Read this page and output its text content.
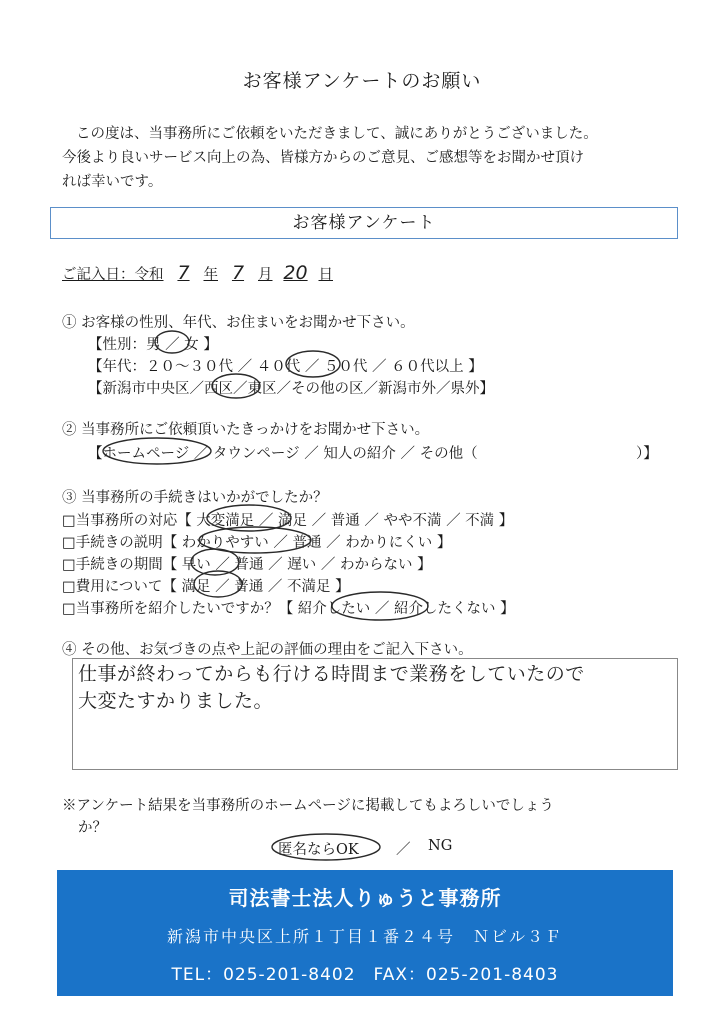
お客様アンケートのお願い

この度は、当事務所にご依頼をいただきまして、誠にありがとうございました。

今後より良いサービス向上の為、皆様方からのご意見、ご感想等をお聞かせ頂け
れば幸いです。
お客様アンケート
ご記入日：令和 7 年 7 月 20 日
① お客様の性別、年代、お住まいをお聞かせ下さい。
【性別：男 ／ 女 】
【年代：２０～３０代 ／ ４０代 ／ ５０代 ／ ６０代以上 】
【新潟市中央区／西区／東区／その他の区／新潟市外／県外】
② 当事務所にご依頼頂いたきっかけをお聞かせ下さい。
【ホームページ ／ タウンページ ／ 知人の紹介 ／ その他（	）】
③ 当事務所の手続きはいかがでしたか？
□当事務所の対応【 大変満足 ／ 満足 ／ 普通 ／ やや不満 ／ 不満 】
□手続きの説明【 わかりやすい ／ 普通 ／ わかりにくい 】
□手続きの期間【 早い ／ 普通 ／ 遅い ／ わからない 】
□費用について【 満足 ／ 普通 ／ 不満足 】
□当事務所を紹介したいですか？【 紹介したい ／ 紹介したくない 】
④ その他、お気づきの点や上記の評価の理由をご記入下さい。
仕事が終わってからも行ける時間まで業務をしていたので
大変たすかりました。
※アンケート結果を当事務所のホームページに掲載してもよろしいでしょう
か？
匿名ならOK	／ NG
司法書士法人りゅうと事務所
新潟市中央区上所１丁目１番２４号　Ｎビル３Ｆ
TEL：025-201-8402　FAX：025-201-8403
